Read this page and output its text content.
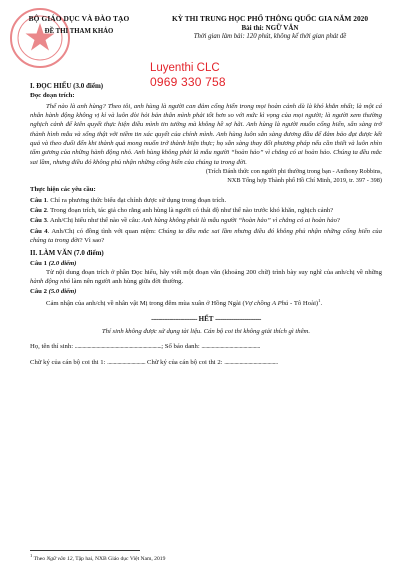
BỘ GIÁO DỤC VÀ ĐÀO TẠO
ĐỀ THI THAM KHẢO
KỲ THI TRUNG HỌC PHỔ THÔNG QUỐC GIA NĂM 2020
Bài thi: NGỮ VĂN
Thời gian làm bài: 120 phút, không kể thời gian phát đề
Luyenthi CLC
0969 330 758
I. ĐỌC HIỂU (3.0 điểm)
Đọc đoạn trích:
Thế nào là anh hùng? Theo tôi, anh hùng là người can đảm cống hiến trong mọi hoàn cảnh dù là khó khăn nhất; là một cá nhân hành động không vị kỉ và luôn đòi hỏi bản thân mình phải tốt hơn so với mức kì vọng của mọi người; là người xem thường nghịch cảnh để kiên quyết thực hiện điều mình tin tưởng mà không hề sợ hãi. Anh hùng là người muốn cống hiến, sẵn sàng trở thành hình mẫu và sống thật với niềm tin xác quyết của chính mình. Anh hùng luôn sẵn sàng đương đầu để đảm bảo đạt được kết quả và theo đuổi đến khi thành quả mong muốn trở thành hiện thực; họ sẵn sàng thay đổi phương pháp nếu cần thiết và luôn nhìn tấm gương của những hành động nhỏ. Anh hùng không phải là mẫu người “hoàn hảo” vì chẳng có ai hoàn hảo. Chúng ta đều mắc sai lầm, nhưng điều đó không phủ nhận những cống hiến của chúng ta trong đời.
(Trích Đánh thức con người phi thường trong bạn - Anthony Robbins,
NXB Tổng hợp Thành phố Hồ Chí Minh, 2019, tr. 397 - 398)
Thực hiện các yêu cầu:
Câu 1. Chỉ ra phương thức biểu đạt chính được sử dụng trong đoạn trích.
Câu 2. Trong đoạn trích, tác giả cho rằng anh hùng là người có thái độ như thế nào trước khó khăn, nghịch cảnh?
Câu 3. Anh/Chị hiểu như thế nào về câu: Anh hùng không phải là mẫu người “hoàn hảo” vì chẳng có ai hoàn hảo?
Câu 4. Anh/Chị có đồng tình với quan niệm: Chúng ta đều mắc sai lầm nhưng điều đó không phủ nhận những cống hiến của chúng ta trong đời? Vì sao?
II. LÀM VĂN (7.0 điểm)
Câu 1 (2.0 điểm)
Từ nội dung đoạn trích ở phần Đọc hiểu, hãy viết một đoạn văn (khoảng 200 chữ) trình bày suy nghĩ của anh/chị về những hành động nhỏ làm nên người anh hùng giữa đời thường.
Câu 2 (5.0 điểm)
Cảm nhận của anh/chị về nhân vật Mị trong đêm mùa xuân ở Hồng Ngài (Vợ chồng A Phủ - Tô Hoài)$^1$.
------------------------- HẾT -------------------------
Thí sinh không được sử dụng tài liệu. Cán bộ coi thi không giải thích gì thêm.
Họ, tên thí sinh: ....................................................................; Số báo danh: ..............................................
Chữ ký của cán bộ coi thi 1: .............................. Chữ ký của cán bộ coi thi 2: ..........................................
$^1$ Theo Ngữ văn 12, Tập hai, NXB Giáo dục Việt Nam, 2019
